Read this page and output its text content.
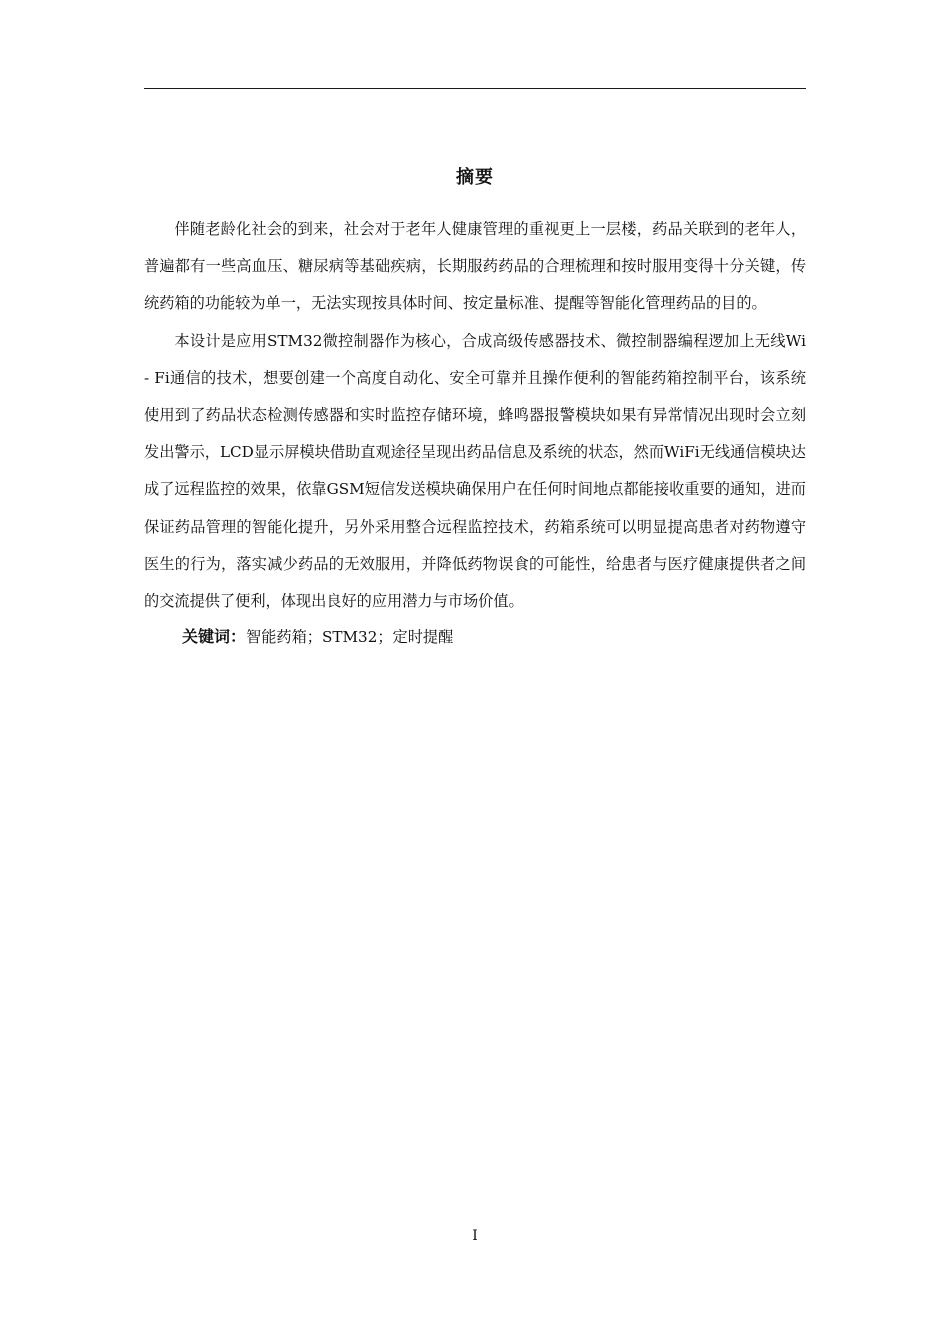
摘要

伴随老龄化社会的到来，社会对于老年人健康管理的重视更上一层楼，药品关联到的老年人，普遍都有一些高血压、糖尿病等基础疾病，长期服药药品的合理梳理和按时服用变得十分关键，传统药箱的功能较为单一，无法实现按具体时间、按定量标准、提醒等智能化管理药品的目的。

本设计是应用STM32微控制器作为核心，合成高级传感器技术、微控制器编程逻加上无线Wi - Fi通信的技术，想要创建一个高度自动化、安全可靠并且操作便利的智能药箱控制平台，该系统使用到了药品状态检测传感器和实时监控存储环境，蜂鸣器报警模块如果有异常情况出现时会立刻发出警示，LCD显示屏模块借助直观途径呈现出药品信息及系统的状态，然而WiFi无线通信模块达成了远程监控的效果，依靠GSM短信发送模块确保用户在任何时间地点都能接收重要的通知，进而保证药品管理的智能化提升，另外采用整合远程监控技术，药箱系统可以明显提高患者对药物遵守医生的行为，落实减少药品的无效服用，并降低药物误食的可能性，给患者与医疗健康提供者之间的交流提供了便利，体现出良好的应用潜力与市场价值。

关键词：智能药箱；STM32；定时提醒

I
